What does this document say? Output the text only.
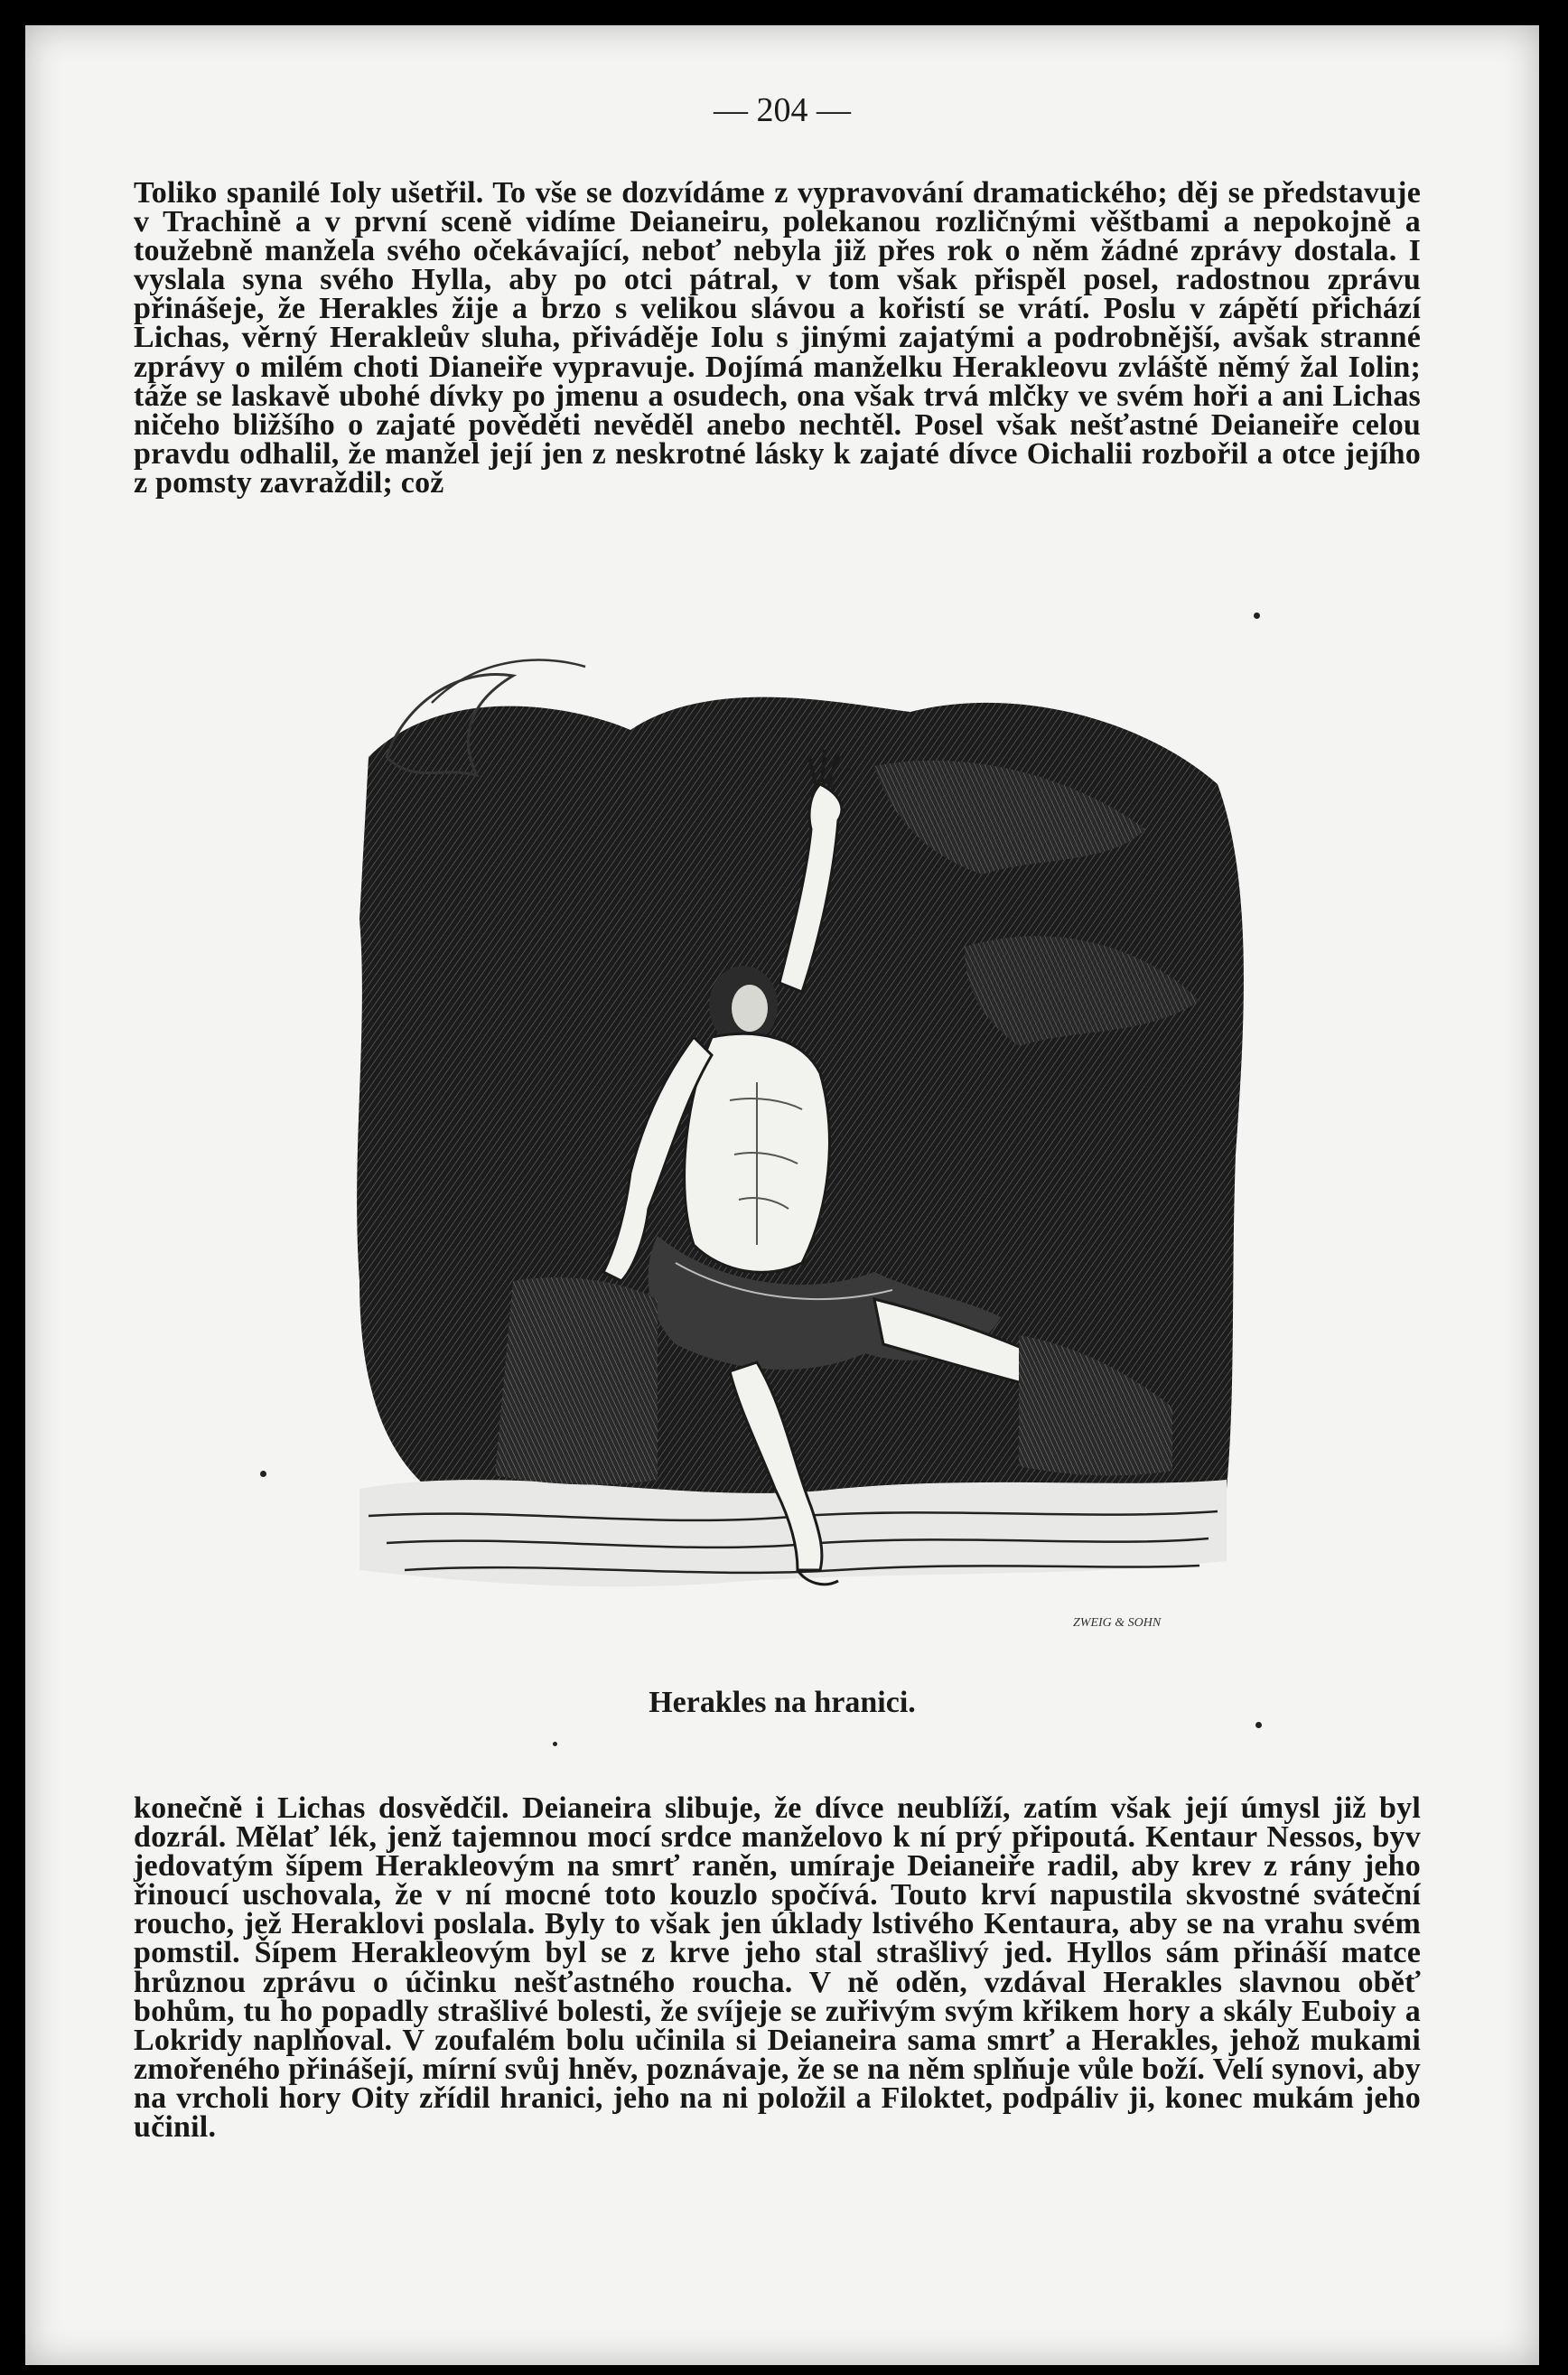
— 204 —

Toliko spanilé Ioly ušetřil. To vše se dozvídáme z vypravování dramatického; děj se představuje v Trachině a v první sceně vidíme Deianeiru, polekanou rozličnými věštbami a nepokojně a toužebně manžela svého očekávající, neboť nebyla již přes rok o něm žádné zprávy dostala. I vyslala syna svého Hylla, aby po otci pátral, v tom však přispěl posel, radostnou zprávu přinášeje, že Herakles žije a brzo s velikou slávou a kořistí se vrátí. Poslu v zápětí přichází Lichas, věrný Herakleův sluha, přiváděje Iolu s jinými zajatými a podrobnější, avšak stranné zprávy o milém choti Dianeiře vypravuje. Dojímá manželku Herakleovu zvláště němý žal Iolin; táže se laskavě ubohé dívky po jmenu a osudech, ona však trvá mlčky ve svém hoři a ani Lichas ničeho bližšího o zajaté pověděti nevěděl anebo nechtěl. Posel však nešťastné Deianeiře celou pravdu odhalil, že manžel její jen z neskrotné lásky k zajaté dívce Oichalii rozbořil a otce jejího z pomsty zavraždil; což

ZWEIG & SOHN
Herakles na hranici.

konečně i Lichas dosvědčil. Deianeira slibuje, že dívce neublíží, zatím však její úmysl již byl dozrál. Mělať lék, jenž tajemnou mocí srdce manželovo k ní prý připoutá. Kentaur Nessos, byv jedovatým šípem Herakleovým na smrť raněn, umíraje Deianeiře radil, aby krev z rány jeho řinoucí uschovala, že v ní mocné toto kouzlo spočívá. Touto krví napustila skvostné sváteční roucho, jež Heraklovi poslala. Byly to však jen úklady lstivého Kentaura, aby se na vrahu svém pomstil. Šípem Herakleovým byl se z krve jeho stal strašlivý jed. Hyllos sám přináší matce hrůznou zprávu o účinku nešťastného roucha. V ně oděn, vzdával Herakles slavnou oběť bohům, tu ho popadly strašlivé bolesti, že svíjeje se zuřivým svým křikem hory a skály Euboiy a Lokridy naplňoval. V zoufalém bolu učinila si Deianeira sama smrť a Herakles, jehož mukami zmořeného přinášejí, mírní svůj hněv, poznávaje, že se na něm splňuje vůle boží. Velí synovi, aby na vrcholi hory Oity zřídil hranici, jeho na ni položil a Filoktet, podpáliv ji, konec mukám jeho učinil.
